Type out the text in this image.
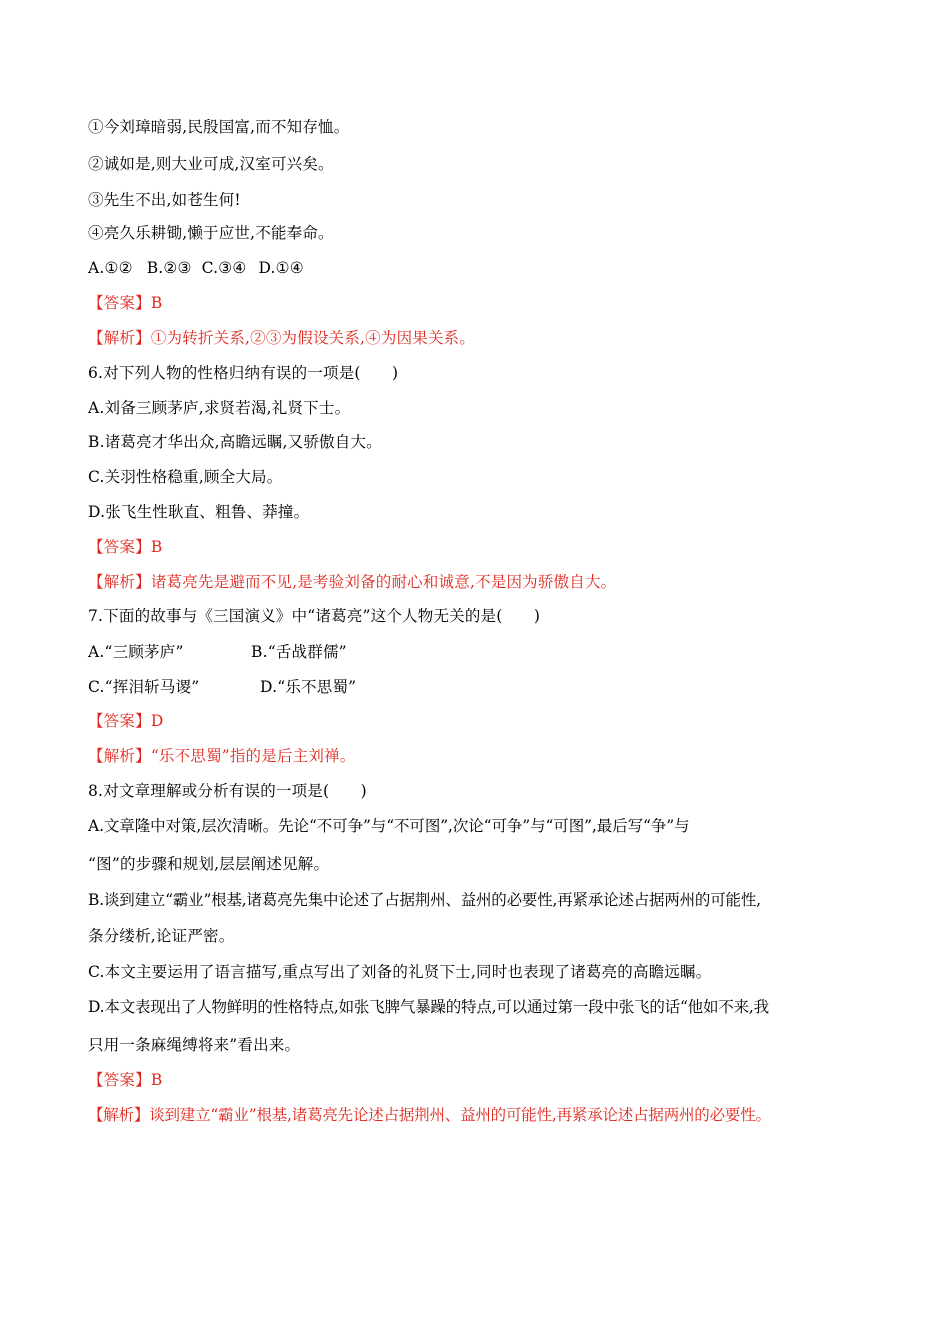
①今刘璋暗弱,民殷国富,而不知存恤。
②诚如是,则大业可成,汉室可兴矣。
③先生不出,如苍生何!
④亮久乐耕锄,懒于应世,不能奉命。
A.①② B.②③ C.③④ D.①④
【答案】B
【解析】①为转折关系,②③为假设关系,④为因果关系。
6.对下列人物的性格归纳有误的一项是(　　)
A.刘备三顾茅庐,求贤若渴,礼贤下士。
B.诸葛亮才华出众,高瞻远瞩,又骄傲自大。
C.关羽性格稳重,顾全大局。
D.张飞生性耿直、粗鲁、莽撞。
【答案】B
【解析】诸葛亮先是避而不见,是考验刘备的耐心和诚意,不是因为骄傲自大。
7.下面的故事与《三国演义》中“诸葛亮”这个人物无关的是(　　)
A.“三顾茅庐”	B.“舌战群儒”
C.“挥泪斩马谡”	D.“乐不思蜀”
【答案】D
【解析】“乐不思蜀”指的是后主刘禅。
8.对文章理解或分析有误的一项是(　　)
A.文章隆中对策,层次清晰。先论“不可争”与“不可图”,次论“可争”与“可图”,最后写“争”与
“图”的步骤和规划,层层阐述见解。
B.谈到建立“霸业”根基,诸葛亮先集中论述了占据荆州、益州的必要性,再紧承论述占据两州的可能性,
条分缕析,论证严密。
C.本文主要运用了语言描写,重点写出了刘备的礼贤下士,同时也表现了诸葛亮的高瞻远瞩。
D.本文表现出了人物鲜明的性格特点,如张飞脾气暴躁的特点,可以通过第一段中张飞的话“他如不来,我
只用一条麻绳缚将来”看出来。
【答案】B
【解析】谈到建立“霸业”根基,诸葛亮先论述占据荆州、益州的可能性,再紧承论述占据两州的必要性。
